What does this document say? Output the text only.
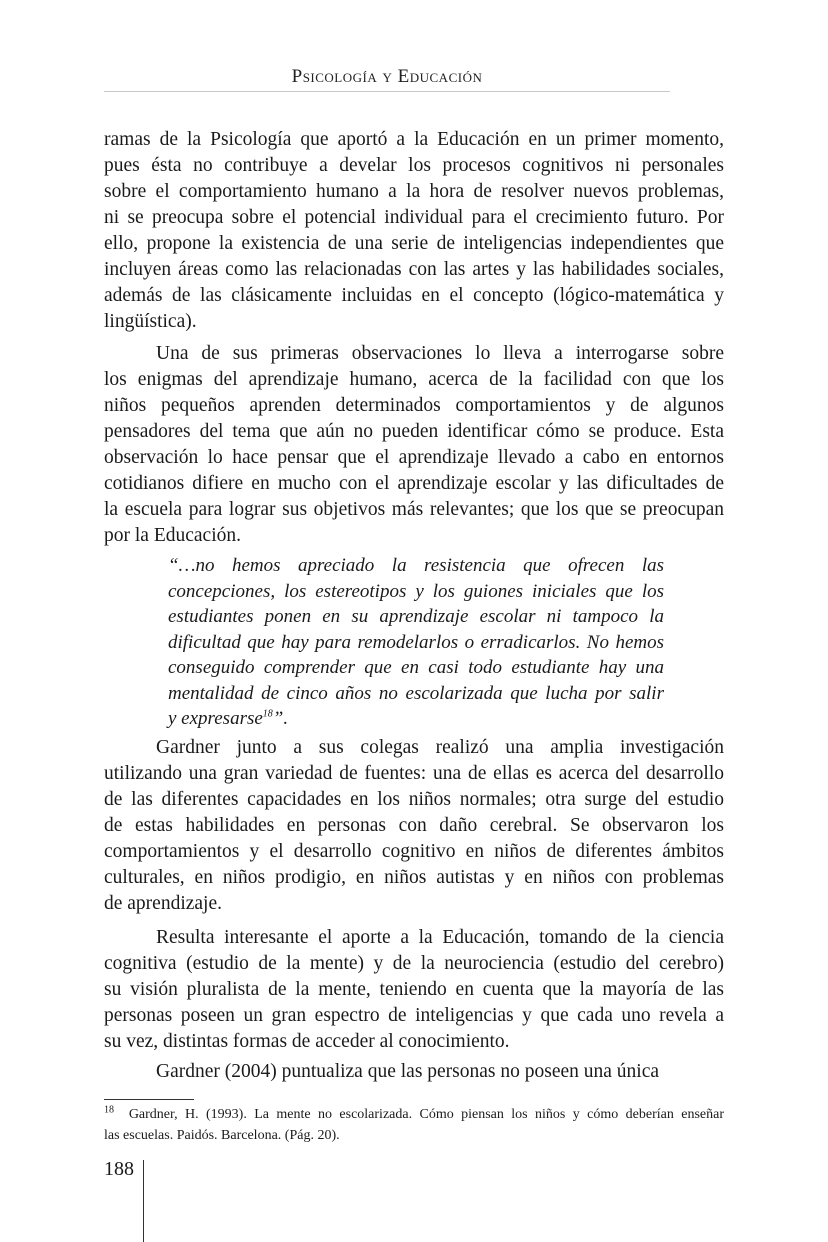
Psicología y Educación
ramas de la Psicología que aportó a la Educación en un primer momento,
pues ésta no contribuye a develar los procesos cognitivos ni personales
sobre el comportamiento humano a la hora de resolver nuevos problemas,
ni se preocupa sobre el potencial individual para el crecimiento futuro. Por
ello, propone la existencia de una serie de inteligencias independientes que
incluyen áreas como las relacionadas con las artes y las habilidades sociales,
además de las clásicamente incluidas en el concepto (lógico-matemática y
lingüística).
Una de sus primeras observaciones lo lleva a interrogarse sobre
los enigmas del aprendizaje humano, acerca de la facilidad con que los
niños pequeños aprenden determinados comportamientos y de algunos
pensadores del tema que aún no pueden identificar cómo se produce. Esta
observación lo hace pensar que el aprendizaje llevado a cabo en entornos
cotidianos difiere en mucho con el aprendizaje escolar y las dificultades de
la escuela para lograr sus objetivos más relevantes; que los que se preocupan
por la Educación.
“…no hemos apreciado la resistencia que ofrecen las
concepciones, los estereotipos y los guiones iniciales que los
estudiantes ponen en su aprendizaje escolar ni tampoco la
dificultad que hay para remodelarlos o erradicarlos. No hemos
conseguido comprender que en casi todo estudiante hay una
mentalidad de cinco años no escolarizada que lucha por salir
y expresarse$^{18}$”.
Gardner junto a sus colegas realizó una amplia investigación
utilizando una gran variedad de fuentes: una de ellas es acerca del desarrollo
de las diferentes capacidades en los niños normales; otra surge del estudio
de estas habilidades en personas con daño cerebral. Se observaron los
comportamientos y el desarrollo cognitivo en niños de diferentes ámbitos
culturales, en niños prodigio, en niños autistas y en niños con problemas
de aprendizaje.
Resulta interesante el aporte a la Educación, tomando de la ciencia
cognitiva (estudio de la mente) y de la neurociencia (estudio del cerebro)
su visión pluralista de la mente, teniendo en cuenta que la mayoría de las
personas poseen un gran espectro de inteligencias y que cada uno revela a
su vez, distintas formas de acceder al conocimiento.
Gardner (2004) puntualiza que las personas no poseen una única
$^{18}$ Gardner, H. (1993). La mente no escolarizada. Cómo piensan los niños y cómo deberían enseñar
las escuelas. Paidós. Barcelona. (Pág. 20).
188
